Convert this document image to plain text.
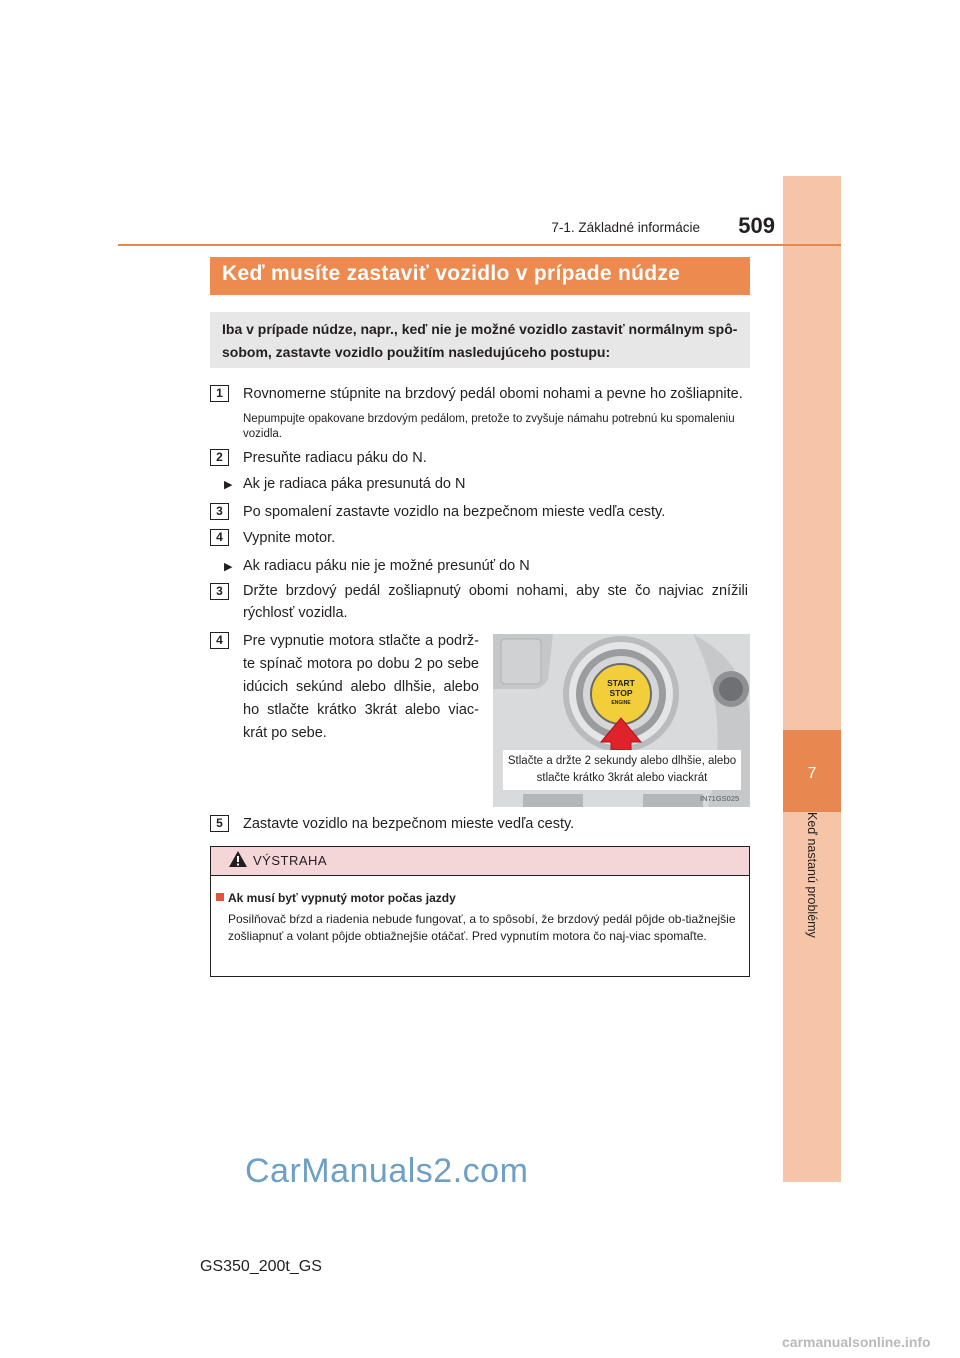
7
Keď nastanú problémy
7-1. Základné informácie	509
Keď musíte zastaviť vozidlo v prípade núdze
Iba v prípade núdze, napr., keď nie je možné vozidlo zastaviť normálnym spô-sobom, zastavte vozidlo použitím nasledujúceho postupu:
1	Rovnomerne stúpnite na brzdový pedál obomi nohami a pevne ho zošliapnite.
Nepumpujte opakovane brzdovým pedálom, pretože to zvyšuje námahu potrebnú ku spomaleniu vozidla.
2	Presuňte radiacu páku do N.
▶ Ak je radiaca páka presunutá do N
3	Po spomalení zastavte vozidlo na bezpečnom mieste vedľa cesty.
4	Vypnite motor.
▶ Ak radiacu páku nie je možné presunúť do N
3	Držte brzdový pedál zošliapnutý obomi nohami, aby ste čo najviac znížili rýchlosť vozidla.
4	Pre vypnutie motora stlačte a podrž-te spínač motora po dobu 2 po sebe idúcich sekúnd alebo dlhšie, alebo ho stlačte krátko 3krát alebo viac-krát po sebe.
START
STOP
ENGINE
Stlačte a držte 2 sekundy alebo dlhšie, alebo stlačte krátko 3krát alebo viackrát
IN71GS025
5	Zastavte vozidlo na bezpečnom mieste vedľa cesty.
VÝSTRAHA
Ak musí byť vypnutý motor počas jazdy
Posilňovač bŕzd a riadenia nebude fungovať, a to spôsobí, že brzdový pedál pôjde ob-tiažnejšie zošliapnuť a volant pôjde obtiažnejšie otáčať. Pred vypnutím motora čo naj-viac spomaľte.
CarManuals2.com
GS350_200t_GS
carmanualsonline.info
